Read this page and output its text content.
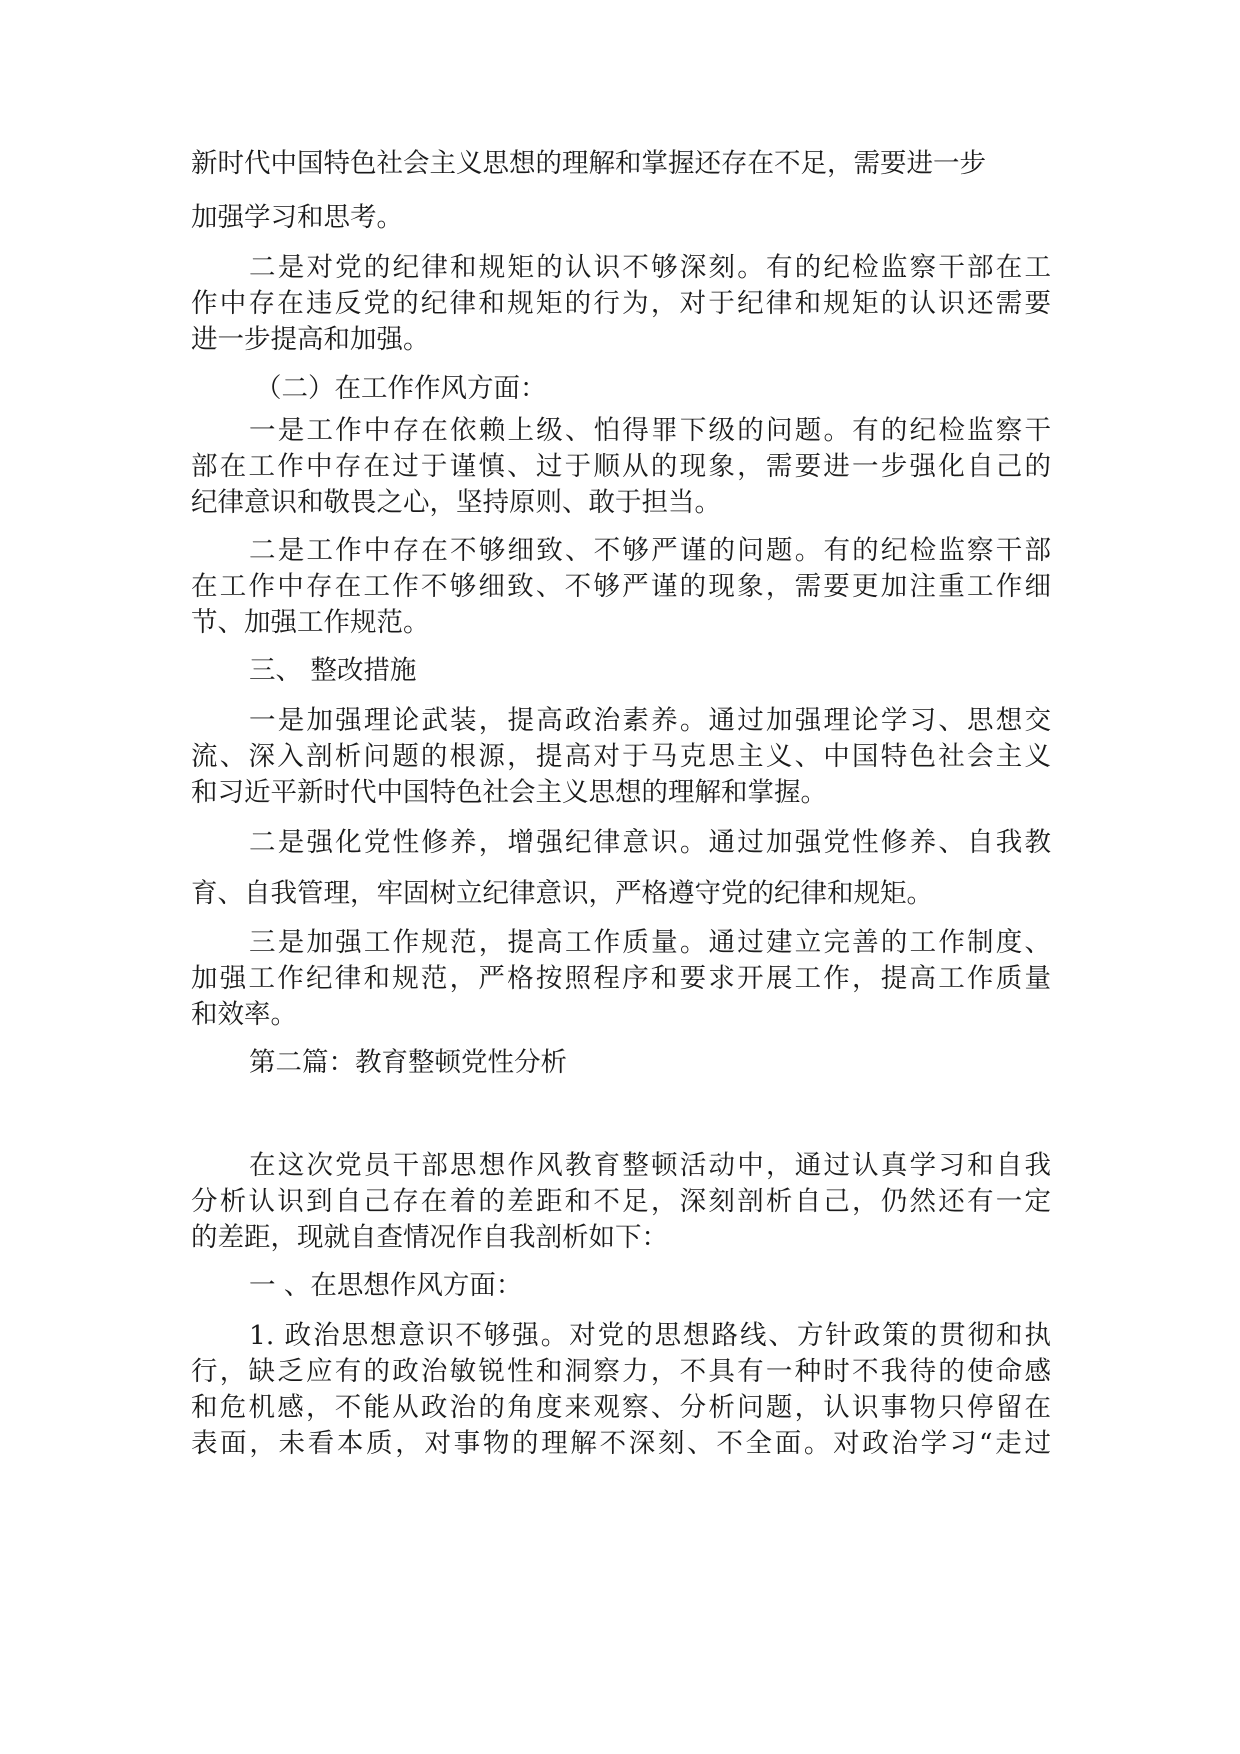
新时代中国特色社会主义思想的理解和掌握还存在不足，需要进一步
加强学习和思考。
二是对党的纪律和规矩的认识不够深刻。有的纪检监察干部在工
作中存在违反党的纪律和规矩的行为，对于纪律和规矩的认识还需要
进一步提高和加强。
（二）在工作作风方面：
一是工作中存在依赖上级、怕得罪下级的问题。有的纪检监察干
部在工作中存在过于谨慎、过于顺从的现象，需要进一步强化自己的
纪律意识和敬畏之心，坚持原则、敢于担当。
二是工作中存在不够细致、不够严谨的问题。有的纪检监察干部
在工作中存在工作不够细致、不够严谨的现象，需要更加注重工作细
节、加强工作规范。
三、 整改措施
一是加强理论武装，提高政治素养。通过加强理论学习、思想交
流、深入剖析问题的根源，提高对于马克思主义、中国特色社会主义
和习近平新时代中国特色社会主义思想的理解和掌握。
二是强化党性修养，增强纪律意识。通过加强党性修养、自我教
育、自我管理，牢固树立纪律意识，严格遵守党的纪律和规矩。
三是加强工作规范，提高工作质量。通过建立完善的工作制度、
加强工作纪律和规范，严格按照程序和要求开展工作，提高工作质量
和效率。
第二篇：教育整顿党性分析
在这次党员干部思想作风教育整顿活动中，通过认真学习和自我
分析认识到自己存在着的差距和不足，深刻剖析自己，仍然还有一定
的差距，现就自查情况作自我剖析如下：
一 、在思想作风方面：
1. 政治思想意识不够强。对党的思想路线、方针政策的贯彻和执
行，缺乏应有的政治敏锐性和洞察力，不具有一种时不我待的使命感
和危机感，不能从政治的角度来观察、分析问题，认识事物只停留在
表面，未看本质，对事物的理解不深刻、不全面。对政治学习“走过
